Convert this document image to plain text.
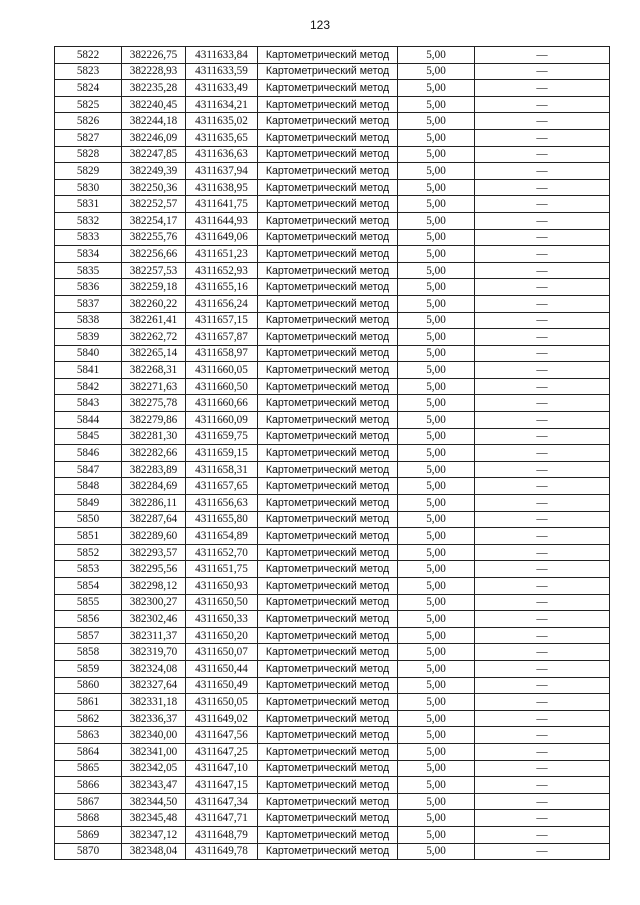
123
5822	382226,75	4311633,84	Картометрический метод	5,00	—
5823	382228,93	4311633,59	Картометрический метод	5,00	—
5824	382235,28	4311633,49	Картометрический метод	5,00	—
5825	382240,45	4311634,21	Картометрический метод	5,00	—
5826	382244,18	4311635,02	Картометрический метод	5,00	—
5827	382246,09	4311635,65	Картометрический метод	5,00	—
5828	382247,85	4311636,63	Картометрический метод	5,00	—
5829	382249,39	4311637,94	Картометрический метод	5,00	—
5830	382250,36	4311638,95	Картометрический метод	5,00	—
5831	382252,57	4311641,75	Картометрический метод	5,00	—
5832	382254,17	4311644,93	Картометрический метод	5,00	—
5833	382255,76	4311649,06	Картометрический метод	5,00	—
5834	382256,66	4311651,23	Картометрический метод	5,00	—
5835	382257,53	4311652,93	Картометрический метод	5,00	—
5836	382259,18	4311655,16	Картометрический метод	5,00	—
5837	382260,22	4311656,24	Картометрический метод	5,00	—
5838	382261,41	4311657,15	Картометрический метод	5,00	—
5839	382262,72	4311657,87	Картометрический метод	5,00	—
5840	382265,14	4311658,97	Картометрический метод	5,00	—
5841	382268,31	4311660,05	Картометрический метод	5,00	—
5842	382271,63	4311660,50	Картометрический метод	5,00	—
5843	382275,78	4311660,66	Картометрический метод	5,00	—
5844	382279,86	4311660,09	Картометрический метод	5,00	—
5845	382281,30	4311659,75	Картометрический метод	5,00	—
5846	382282,66	4311659,15	Картометрический метод	5,00	—
5847	382283,89	4311658,31	Картометрический метод	5,00	—
5848	382284,69	4311657,65	Картометрический метод	5,00	—
5849	382286,11	4311656,63	Картометрический метод	5,00	—
5850	382287,64	4311655,80	Картометрический метод	5,00	—
5851	382289,60	4311654,89	Картометрический метод	5,00	—
5852	382293,57	4311652,70	Картометрический метод	5,00	—
5853	382295,56	4311651,75	Картометрический метод	5,00	—
5854	382298,12	4311650,93	Картометрический метод	5,00	—
5855	382300,27	4311650,50	Картометрический метод	5,00	—
5856	382302,46	4311650,33	Картометрический метод	5,00	—
5857	382311,37	4311650,20	Картометрический метод	5,00	—
5858	382319,70	4311650,07	Картометрический метод	5,00	—
5859	382324,08	4311650,44	Картометрический метод	5,00	—
5860	382327,64	4311650,49	Картометрический метод	5,00	—
5861	382331,18	4311650,05	Картометрический метод	5,00	—
5862	382336,37	4311649,02	Картометрический метод	5,00	—
5863	382340,00	4311647,56	Картометрический метод	5,00	—
5864	382341,00	4311647,25	Картометрический метод	5,00	—
5865	382342,05	4311647,10	Картометрический метод	5,00	—
5866	382343,47	4311647,15	Картометрический метод	5,00	—
5867	382344,50	4311647,34	Картометрический метод	5,00	—
5868	382345,48	4311647,71	Картометрический метод	5,00	—
5869	382347,12	4311648,79	Картометрический метод	5,00	—
5870	382348,04	4311649,78	Картометрический метод	5,00	—
